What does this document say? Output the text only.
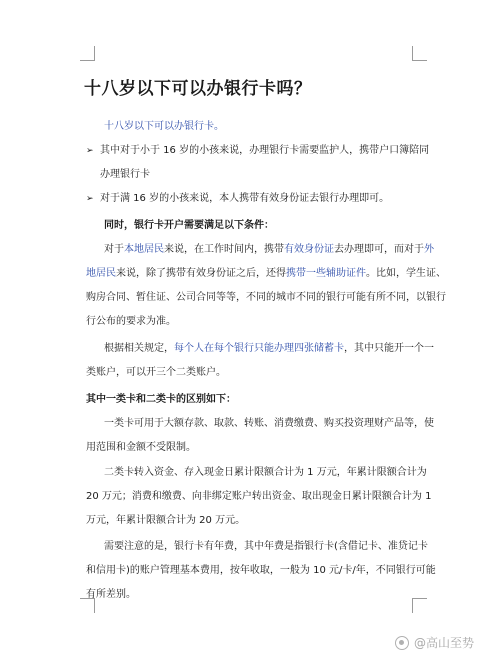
十八岁以下可以办银行卡吗？
十八岁以下可以办银行卡。
➢ 其中对于小于 16 岁的小孩来说，办理银行卡需要监护人，携带户口簿陪同
办理银行卡
➢ 对于满 16 岁的小孩来说，本人携带有效身份证去银行办理即可。
同时，银行卡开户需要满足以下条件：
对于本地居民来说，在工作时间内，携带有效身份证去办理即可，而对于外
地居民来说，除了携带有效身份证之后，还得携带一些辅助证件。比如，学生证、
购房合同、暂住证、公司合同等等，不同的城市不同的银行可能有所不同，以银行
行公布的要求为准。
根据相关规定，每个人在每个银行只能办理四张储蓄卡，其中只能开一个一
类账户，可以开三个二类账户。
其中一类卡和二类卡的区别如下：
一类卡可用于大额存款、取款、转账、消费缴费、购买投资理财产品等，使
用范围和金额不受限制。
二类卡转入资金、存入现金日累计限额合计为 1 万元，年累计限额合计为
20 万元；消费和缴费、向非绑定账户转出资金、取出现金日累计限额合计为 1
万元，年累计限额合计为 20 万元。
需要注意的是，银行卡有年费，其中年费是指银行卡(含借记卡、准贷记卡
和信用卡)的账户管理基本费用，按年收取，一般为 10 元/卡/年，不同银行可能
有所差别。
@高山至势
